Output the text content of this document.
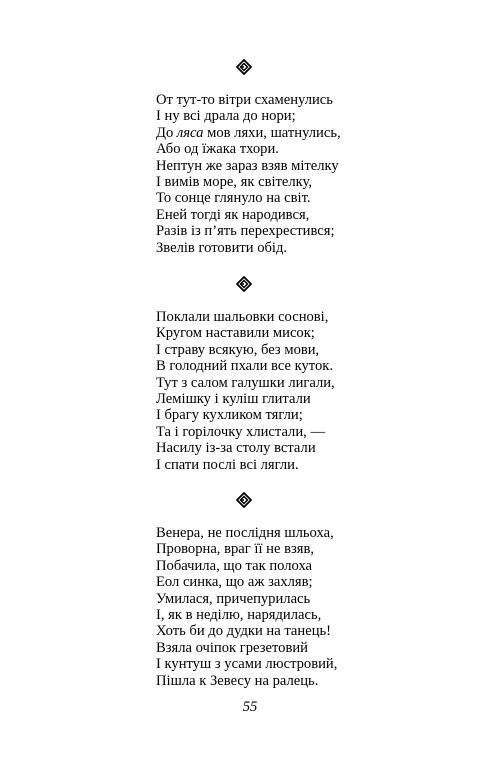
От тут-то вітри схаменулись
І ну всі драла до нори;
До ляса мов ляхи, шатнулись,
Або од їжака тхори.
Нептун же зараз взяв мітелку
І вимів море, як світелку,
То сонце глянуло на світ.
Еней тогді як народився,
Разів із п’ять перехрестився;
Звелів готовити обід.
Поклали шальовки соснові,
Кругом наставили мисок;
І страву всякую, без мови,
В голодний пхали все куток.
Тут з салом галушки лигали,
Лемішку і куліш глитали
І брагу кухликом тягли;
Та і горілочку хлистали, —
Насилу із-за столу встали
І спати послі всі лягли.
Венера, не послідня шльоха,
Проворна, враг її не взяв,
Побачила, що так полоха
Еол синка, що аж захляв;
Умилася, причепурилась
І, як в неділю, нарядилась,
Хоть би до дудки на танець!
Взяла очіпок грезетовий
І кунтуш з усами люстровий,
Пішла к Зевесу на ралець.
55
